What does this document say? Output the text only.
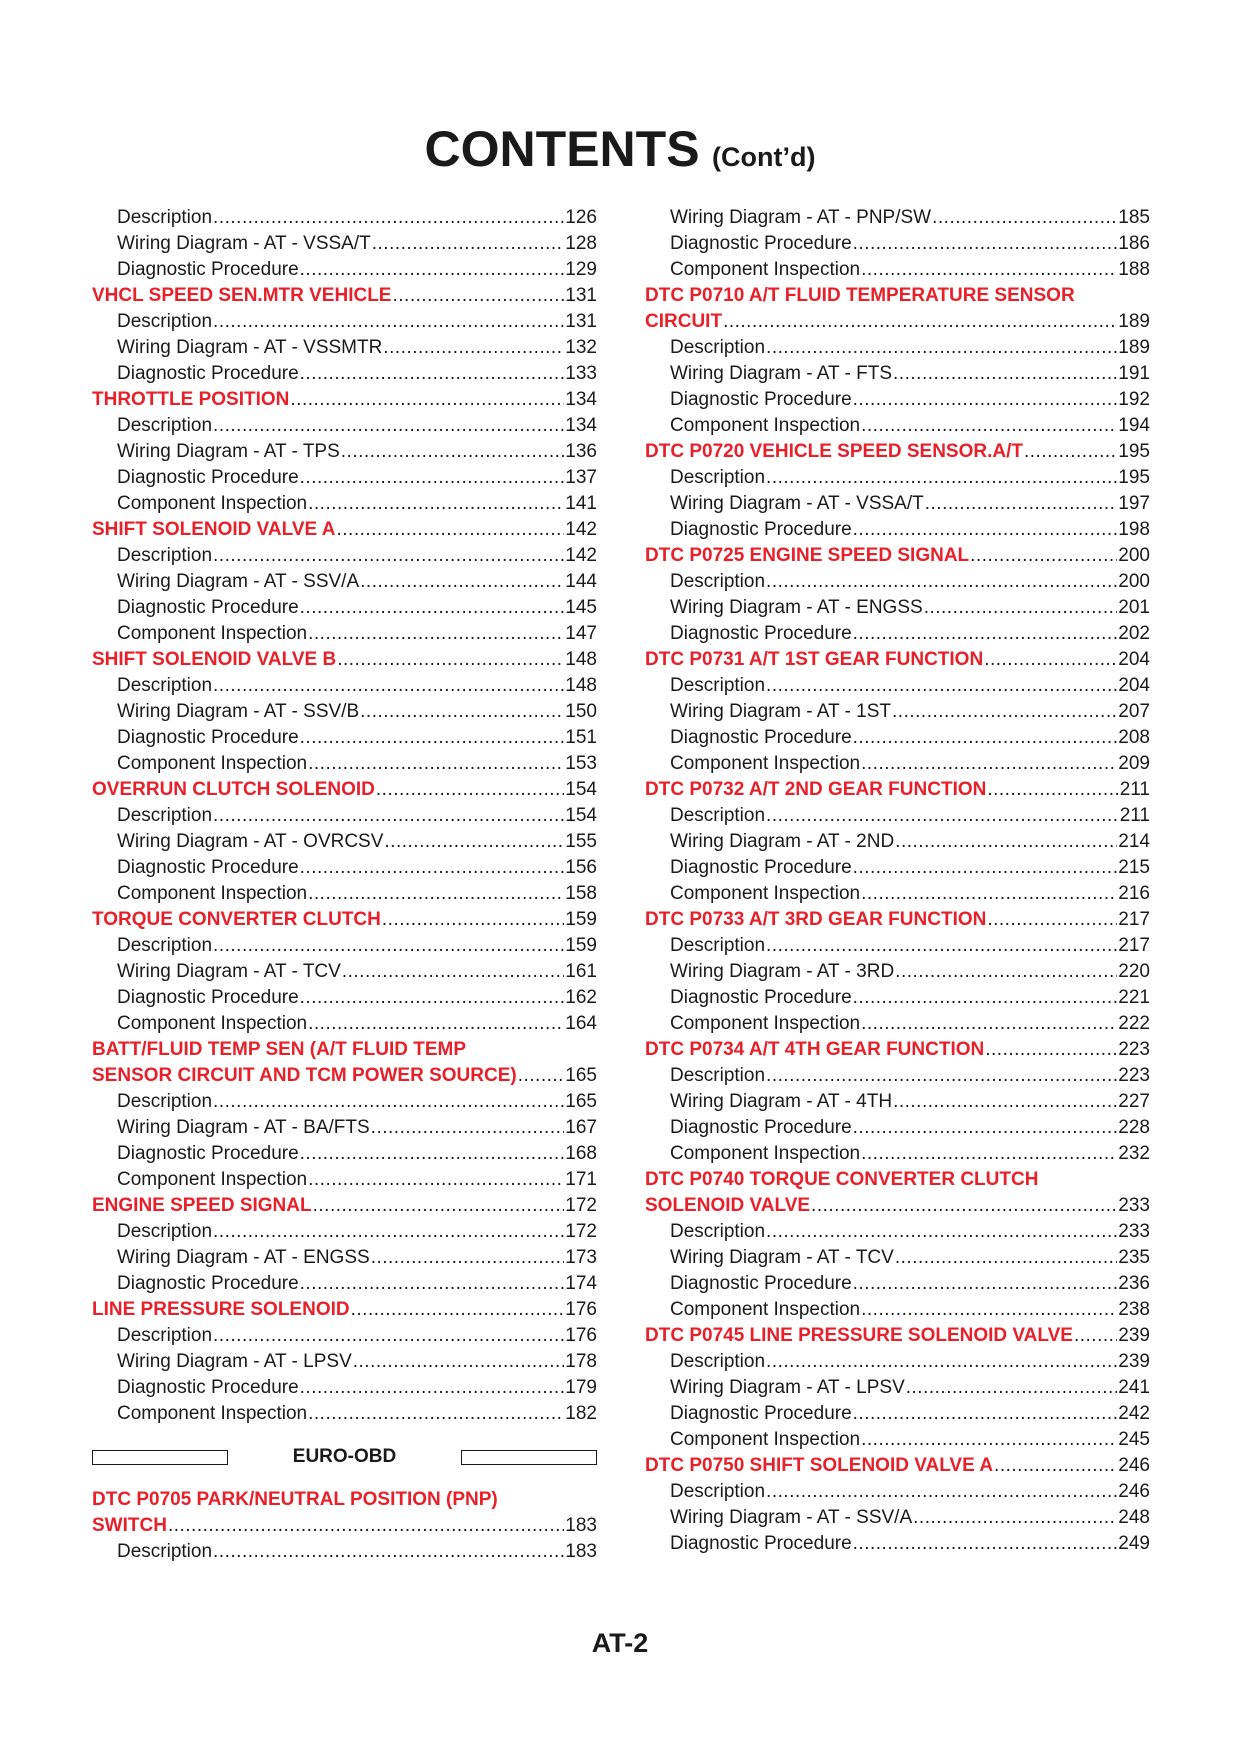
CONTENTS (Cont’d)
Description .....	126
Wiring Diagram - AT - VSSA/T .....	128
Diagnostic Procedure .....	129
VHCL SPEED SEN.MTR VEHICLE .....	131
Description .....	131
Wiring Diagram - AT - VSSMTR .....	132
Diagnostic Procedure .....	133
THROTTLE POSITION .....	134
Description .....	134
Wiring Diagram - AT - TPS .....	136
Diagnostic Procedure .....	137
Component Inspection .....	141
SHIFT SOLENOID VALVE A .....	142
Description .....	142
Wiring Diagram - AT - SSV/A .....	144
Diagnostic Procedure .....	145
Component Inspection .....	147
SHIFT SOLENOID VALVE B .....	148
Description .....	148
Wiring Diagram - AT - SSV/B .....	150
Diagnostic Procedure .....	151
Component Inspection .....	153
OVERRUN CLUTCH SOLENOID .....	154
Description .....	154
Wiring Diagram - AT - OVRCSV .....	155
Diagnostic Procedure .....	156
Component Inspection .....	158
TORQUE CONVERTER CLUTCH .....	159
Description .....	159
Wiring Diagram - AT - TCV .....	161
Diagnostic Procedure .....	162
Component Inspection .....	164
BATT/FLUID TEMP SEN (A/T FLUID TEMP
SENSOR CIRCUIT AND TCM POWER SOURCE) .....	165
Description .....	165
Wiring Diagram - AT - BA/FTS .....	167
Diagnostic Procedure .....	168
Component Inspection .....	171
ENGINE SPEED SIGNAL .....	172
Description .....	172
Wiring Diagram - AT - ENGSS .....	173
Diagnostic Procedure .....	174
LINE PRESSURE SOLENOID .....	176
Description .....	176
Wiring Diagram - AT - LPSV .....	178
Diagnostic Procedure .....	179
Component Inspection .....	182
EURO-OBD
DTC P0705 PARK/NEUTRAL POSITION (PNP)
SWITCH .....	183
Description .....	183
Wiring Diagram - AT - PNP/SW .....	185
Diagnostic Procedure .....	186
Component Inspection .....	188
DTC P0710 A/T FLUID TEMPERATURE SENSOR
CIRCUIT .....	189
Description .....	189
Wiring Diagram - AT - FTS .....	191
Diagnostic Procedure .....	192
Component Inspection .....	194
DTC P0720 VEHICLE SPEED SENSOR.A/T .....	195
Description .....	195
Wiring Diagram - AT - VSSA/T .....	197
Diagnostic Procedure .....	198
DTC P0725 ENGINE SPEED SIGNAL .....	200
Description .....	200
Wiring Diagram - AT - ENGSS .....	201
Diagnostic Procedure .....	202
DTC P0731 A/T 1ST GEAR FUNCTION .....	204
Description .....	204
Wiring Diagram - AT - 1ST .....	207
Diagnostic Procedure .....	208
Component Inspection .....	209
DTC P0732 A/T 2ND GEAR FUNCTION .....	211
Description .....	211
Wiring Diagram - AT - 2ND .....	214
Diagnostic Procedure .....	215
Component Inspection .....	216
DTC P0733 A/T 3RD GEAR FUNCTION .....	217
Description .....	217
Wiring Diagram - AT - 3RD .....	220
Diagnostic Procedure .....	221
Component Inspection .....	222
DTC P0734 A/T 4TH GEAR FUNCTION .....	223
Description .....	223
Wiring Diagram - AT - 4TH .....	227
Diagnostic Procedure .....	228
Component Inspection .....	232
DTC P0740 TORQUE CONVERTER CLUTCH
SOLENOID VALVE .....	233
Description .....	233
Wiring Diagram - AT - TCV .....	235
Diagnostic Procedure .....	236
Component Inspection .....	238
DTC P0745 LINE PRESSURE SOLENOID VALVE ..... 239
Description .....	239
Wiring Diagram - AT - LPSV .....	241
Diagnostic Procedure .....	242
Component Inspection .....	245
DTC P0750 SHIFT SOLENOID VALVE A .....	246
Description .....	246
Wiring Diagram - AT - SSV/A .....	248
Diagnostic Procedure .....	249
AT-2
